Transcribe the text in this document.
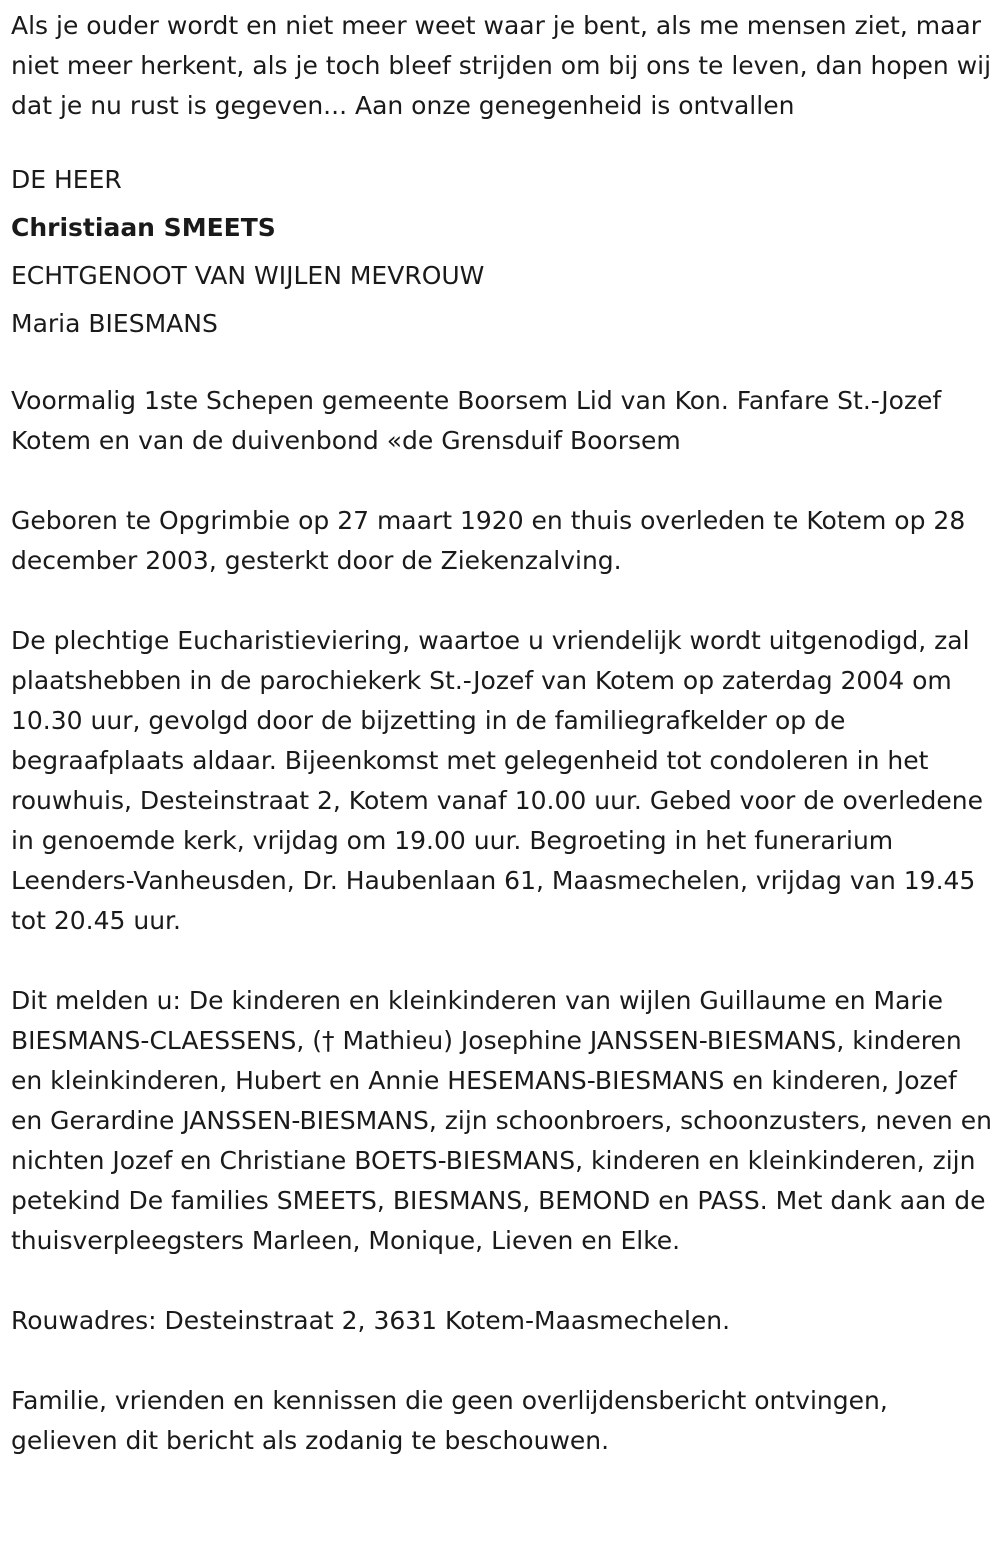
Als je ouder wordt en niet meer weet waar je bent, als me mensen ziet, maar niet meer herkent, als je toch bleef strijden om bij ons te leven, dan hopen wij dat je nu rust is gegeven... Aan onze genegenheid is ontvallen

DE HEER

Christiaan SMEETS

ECHTGENOOT VAN WIJLEN MEVROUW

Maria BIESMANS

Voormalig 1ste Schepen gemeente Boorsem Lid van Kon. Fanfare St.-Jozef Kotem en van de duivenbond «de Grensduif Boorsem

Geboren te Opgrimbie op 27 maart 1920 en thuis overleden te Kotem op 28 december 2003, gesterkt door de Ziekenzalving.

De plechtige Eucharistieviering, waartoe u vriendelijk wordt uitgenodigd, zal plaatshebben in de parochiekerk St.-Jozef van Kotem op zaterdag 2004 om 10.30 uur, gevolgd door de bijzetting in de familiegrafkelder op de begraafplaats aldaar. Bijeenkomst met gelegenheid tot condoleren in het rouwhuis, Desteinstraat 2, Kotem vanaf 10.00 uur. Gebed voor de overledene in genoemde kerk, vrijdag om 19.00 uur. Begroeting in het funerarium Leenders-Vanheusden, Dr. Haubenlaan 61, Maasmechelen, vrijdag van 19.45 tot 20.45 uur.

Dit melden u: De kinderen en kleinkinderen van wijlen Guillaume en Marie BIESMANS-CLAESSENS, († Mathieu) Josephine JANSSEN-BIESMANS, kinderen en kleinkinderen, Hubert en Annie HESEMANS-BIESMANS en kinderen, Jozef en Gerardine JANSSEN-BIESMANS, zijn schoonbroers, schoonzusters, neven en nichten Jozef en Christiane BOETS-BIESMANS, kinderen en kleinkinderen, zijn petekind De families SMEETS, BIESMANS, BEMOND en PASS. Met dank aan de thuisverpleegsters Marleen, Monique, Lieven en Elke.

Rouwadres: Desteinstraat 2, 3631 Kotem-Maasmechelen.

Familie, vrienden en kennissen die geen overlijdensbericht ontvingen, gelieven dit bericht als zodanig te beschouwen.
